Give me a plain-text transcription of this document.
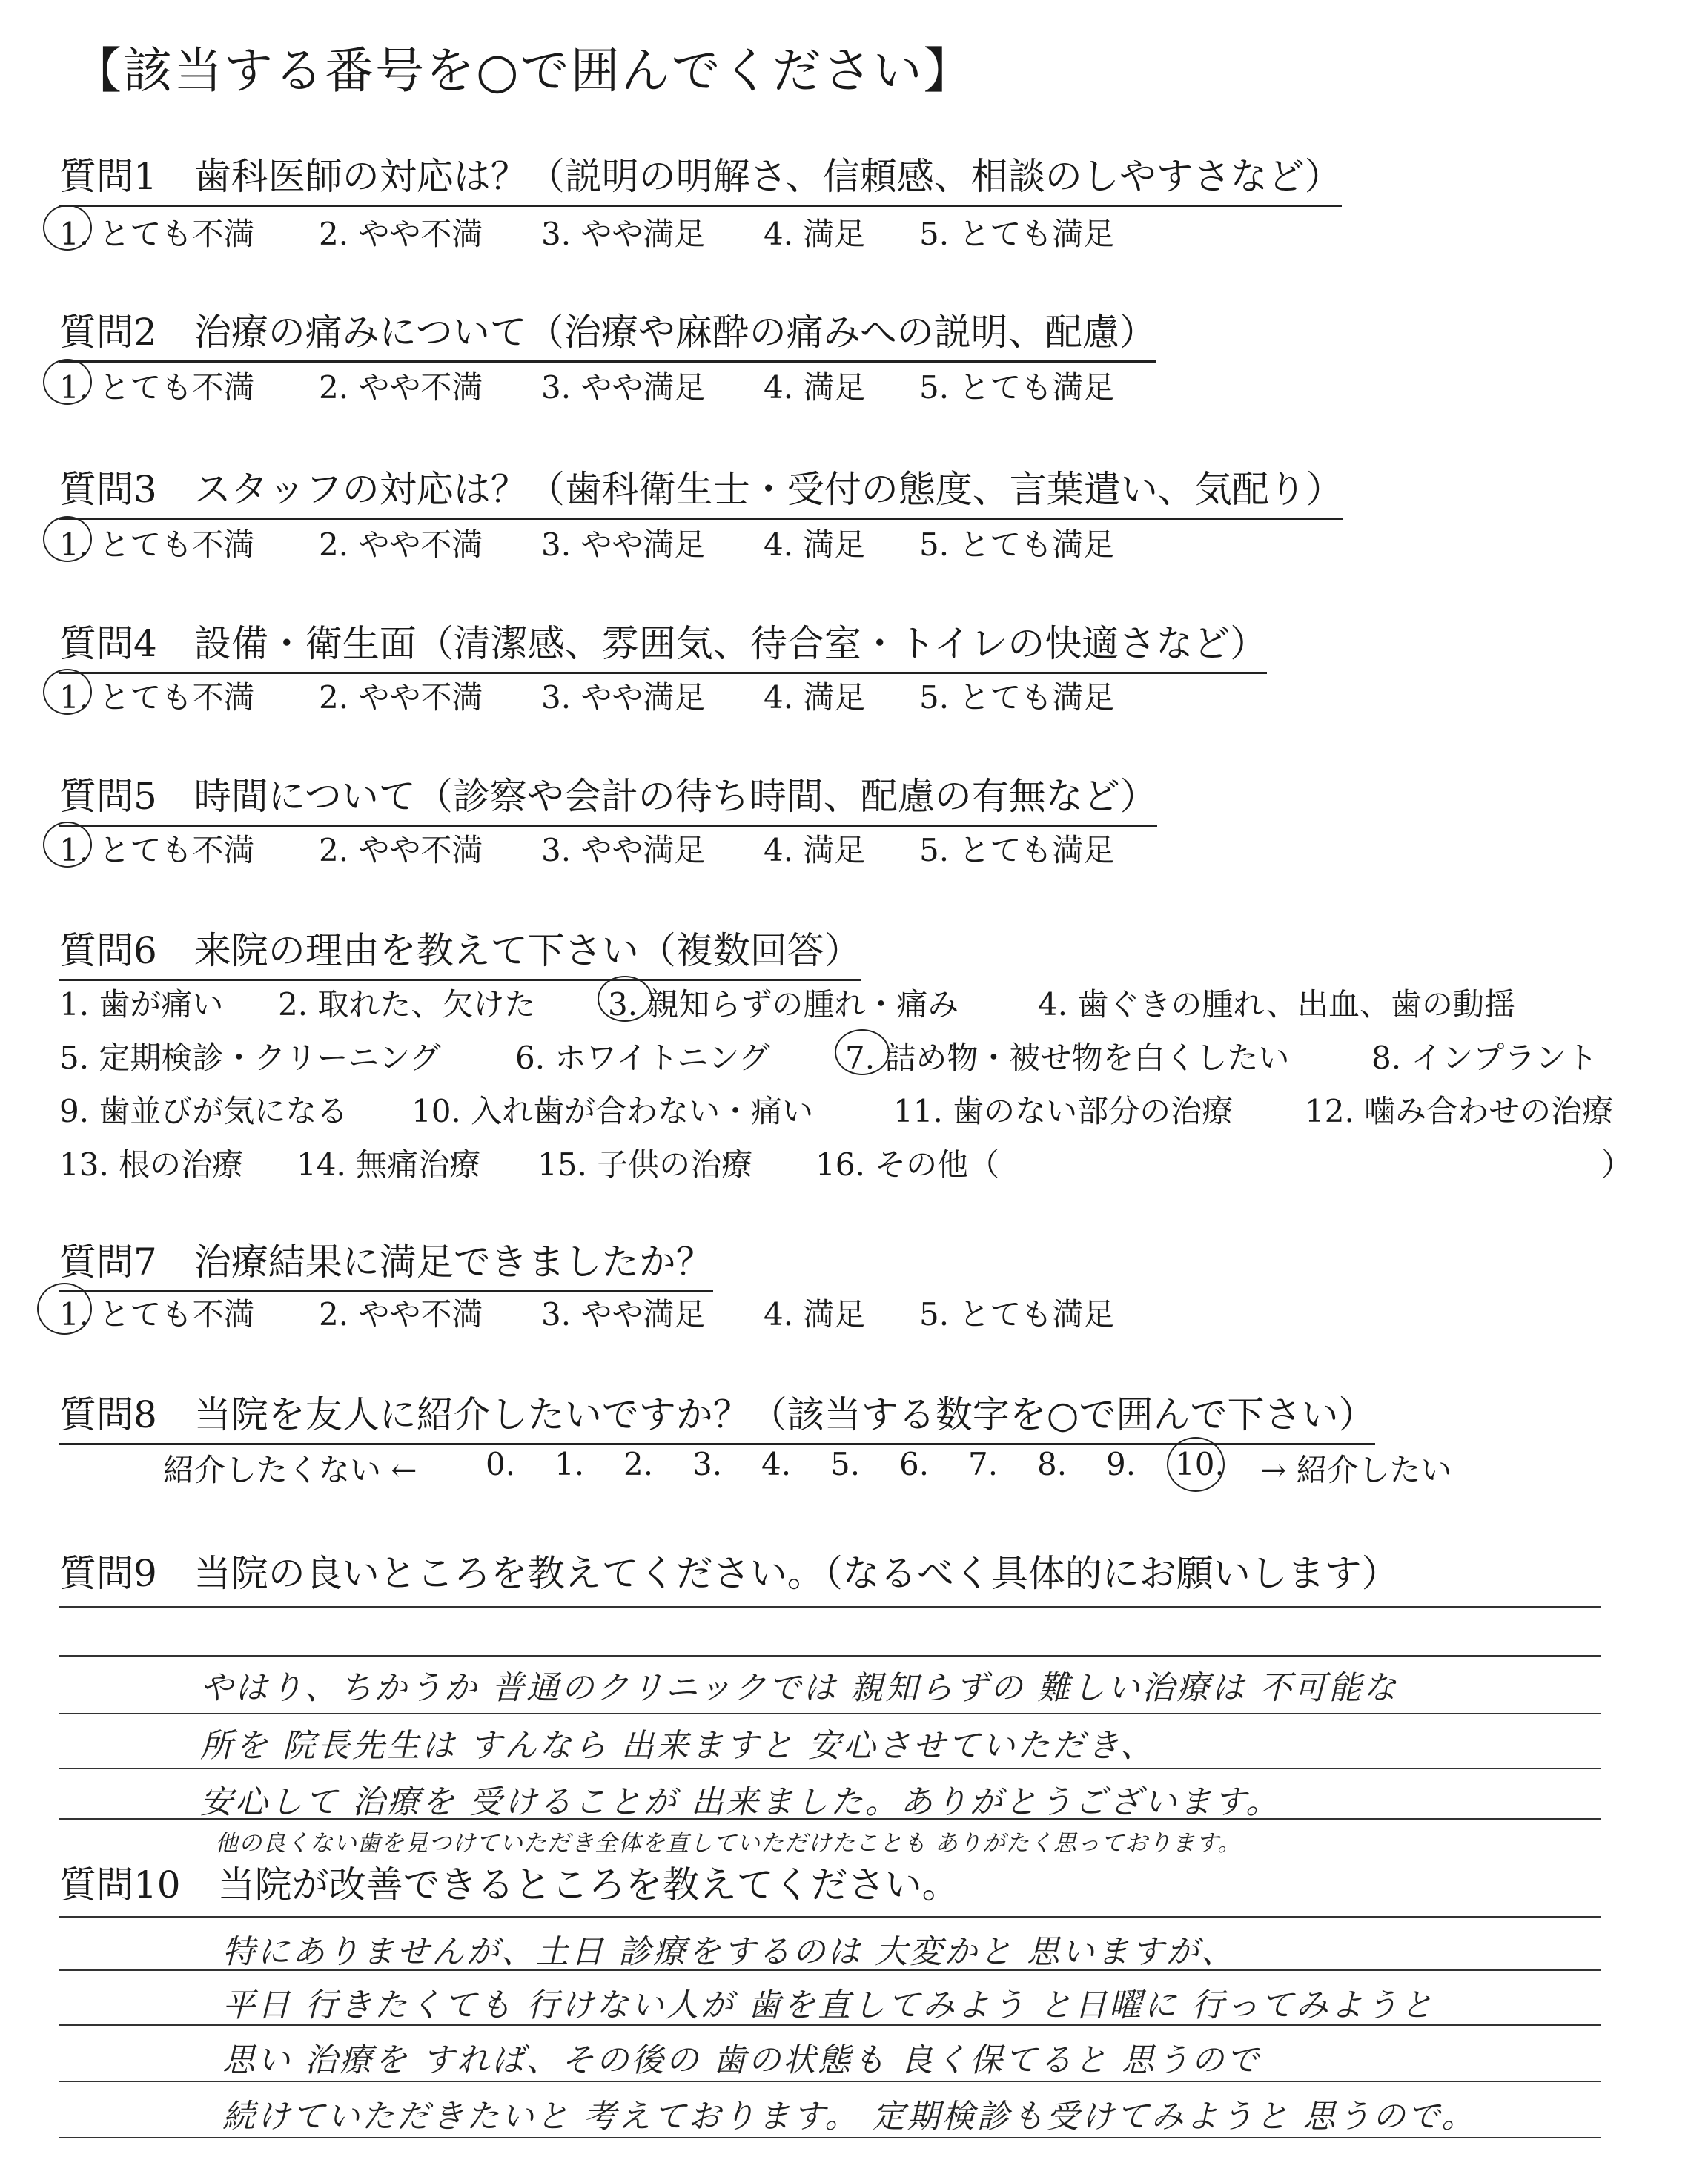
【該当する番号を○で囲んでください】
質問1　歯科医師の対応は？（説明の明解さ、信頼感、相談のしやすさなど）
1. とても不満 2. やや不満 3. やや満足 4. 満足 5. とても満足
質問2　治療の痛みについて（治療や麻酔の痛みへの説明、配慮）
1. とても不満 2. やや不満 3. やや満足 4. 満足 5. とても満足
質問3　スタッフの対応は？（歯科衛生士・受付の態度、言葉遣い、気配り）
1. とても不満 2. やや不満 3. やや満足 4. 満足 5. とても満足
質問4　設備・衛生面（清潔感、雰囲気、待合室・トイレの快適さなど）
1. とても不満 2. やや不満 3. やや満足 4. 満足 5. とても満足
質問5　時間について（診察や会計の待ち時間、配慮の有無など）
1. とても不満 2. やや不満 3. やや満足 4. 満足 5. とても満足
質問6　来院の理由を教えて下さい（複数回答）
1. 歯が痛い 2. 取れた、欠けた 3. 親知らずの腫れ・痛み	4. 歯ぐきの腫れ、出血、歯の動揺
5. 定期検診・クリーニング 6. ホワイトニング 7. 詰め物・被せ物を白くしたい	8. インプラント
9. 歯並びが気になる 10. 入れ歯が合わない・痛い	11. 歯のない部分の治療 12. 噛み合わせの治療
13. 根の治療 14. 無痛治療 15. 子供の治療 16. その他（	）
質問7　治療結果に満足できましたか？
1. とても不満 2. やや不満 3. やや満足 4. 満足 5. とても満足
質問8　当院を友人に紹介したいですか？（該当する数字を○で囲んで下さい）
紹介したくない ← 0. 1. 2. 3. 4. 5. 6. 7. 8. 9. 10. → 紹介したい
質問9　当院の良いところを教えてください。（なるべく具体的にお願いします）
やはり、ちかうか 普通のクリニックでは 親知らずの 難しい治療は 不可能な
所を 院長先生は すんなら 出来ますと 安心させていただき、
安心して 治療を 受けることが 出来ました。ありがとうございます。
他の良くない歯を見つけていただき全体を直していただけたことも ありがたく思っております。
質問10　当院が改善できるところを教えてください。
特にありませんが、土日 診療をするのは 大変かと 思いますが、
平日 行きたくても 行けない人が 歯を直してみよう と日曜に 行ってみようと
思い 治療を すれば、その後の 歯の状態も 良く保てると 思うので
続けていただきたいと 考えております。 定期検診も受けてみようと 思うので。
